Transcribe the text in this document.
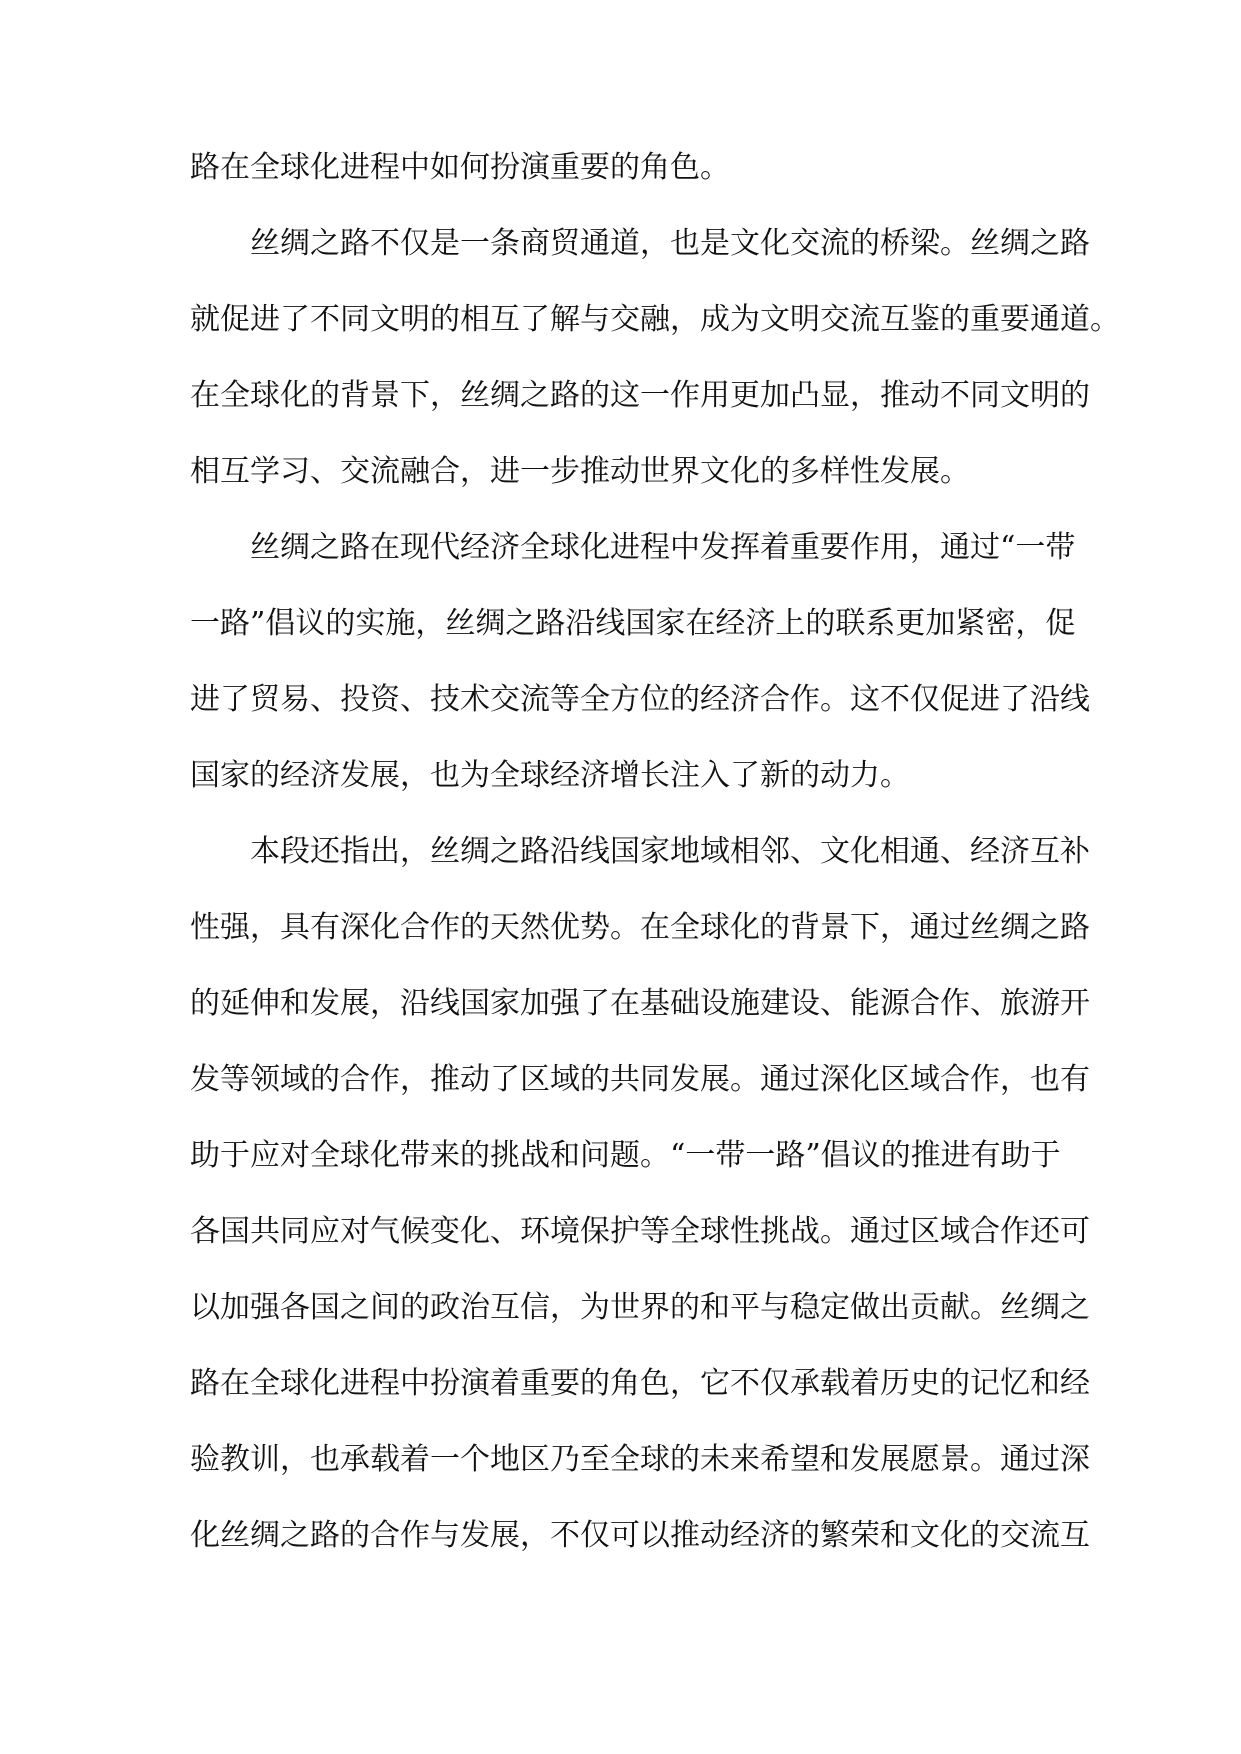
路在全球化进程中如何扮演重要的角色。
丝绸之路不仅是一条商贸通道，也是文化交流的桥梁。丝绸之路
就促进了不同文明的相互了解与交融，成为文明交流互鉴的重要通道。
在全球化的背景下，丝绸之路的这一作用更加凸显，推动不同文明的
相互学习、交流融合，进一步推动世界文化的多样性发展。
丝绸之路在现代经济全球化进程中发挥着重要作用，通过“一带
一路”倡议的实施，丝绸之路沿线国家在经济上的联系更加紧密，促
进了贸易、投资、技术交流等全方位的经济合作。这不仅促进了沿线
国家的经济发展，也为全球经济增长注入了新的动力。
本段还指出，丝绸之路沿线国家地域相邻、文化相通、经济互补
性强，具有深化合作的天然优势。在全球化的背景下，通过丝绸之路
的延伸和发展，沿线国家加强了在基础设施建设、能源合作、旅游开
发等领域的合作，推动了区域的共同发展。通过深化区域合作，也有
助于应对全球化带来的挑战和问题。“一带一路”倡议的推进有助于
各国共同应对气候变化、环境保护等全球性挑战。通过区域合作还可
以加强各国之间的政治互信，为世界的和平与稳定做出贡献。丝绸之
路在全球化进程中扮演着重要的角色，它不仅承载着历史的记忆和经
验教训，也承载着一个地区乃至全球的未来希望和发展愿景。通过深
化丝绸之路的合作与发展，不仅可以推动经济的繁荣和文化的交流互
